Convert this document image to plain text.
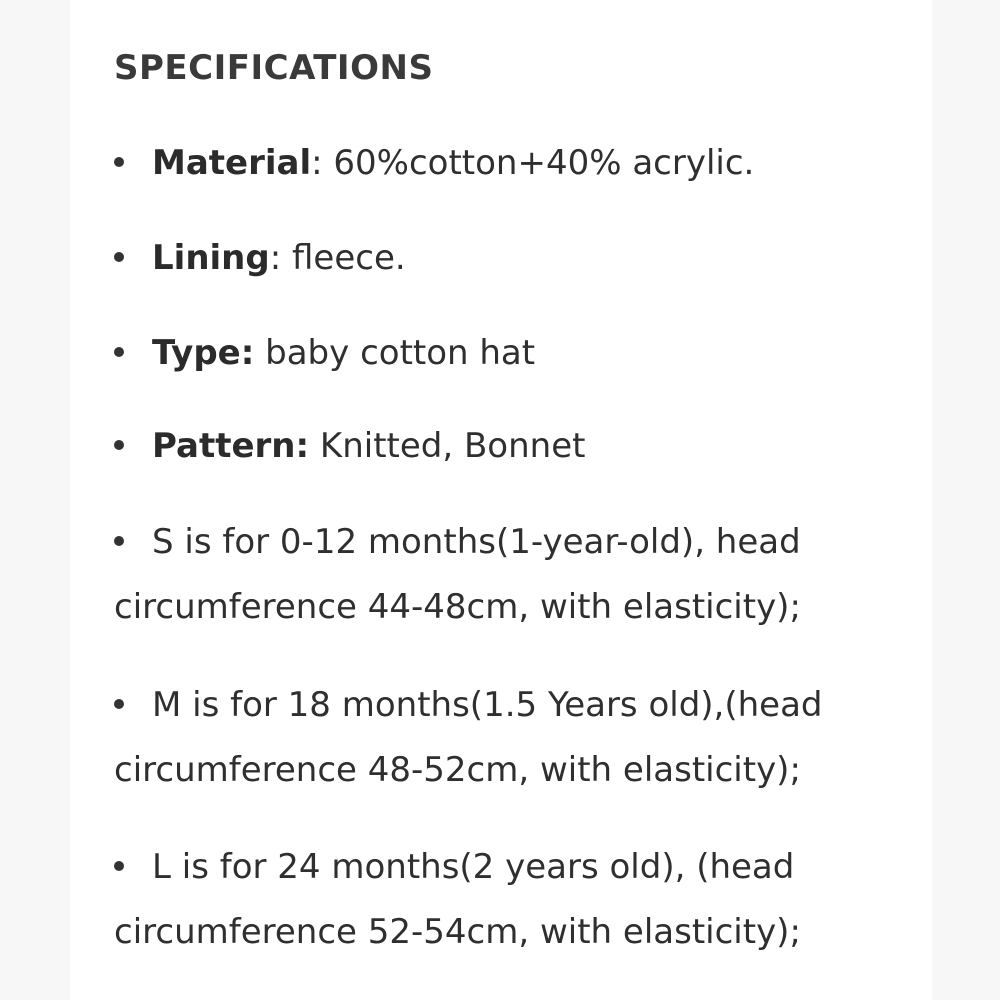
SPECIFICATIONS
Material: 60%cotton+40% acrylic.
Lining: fleece.
Type: baby cotton hat
Pattern: Knitted, Bonnet
S is for 0-12 months(1-year-old), head
circumference 44-48cm, with elasticity);
M is for 18 months(1.5 Years old),(head
circumference 48-52cm, with elasticity);
L is for 24 months(2 years old), (head
circumference 52-54cm, with elasticity);
